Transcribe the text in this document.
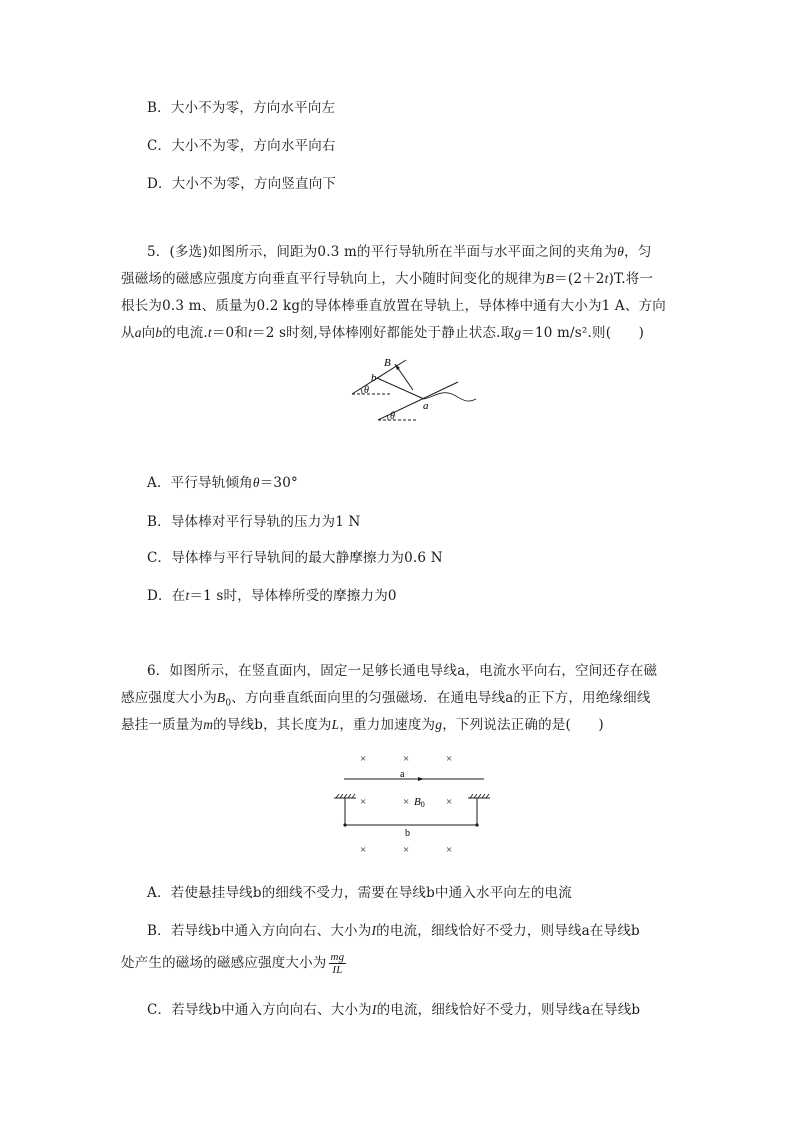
B．大小不为零，方向水平向左
C．大小不为零，方向水平向右
D．大小不为零，方向竖直向下
5．(多选)如图所示，间距为0.3 m的平行导轨所在半面与水平面之间的夹角为θ，匀
强磁场的磁感应强度方向垂直平行导轨向上，大小随时间变化的规律为B＝(2＋2t)T.将一
根长为0.3 m、质量为0.2 kg的导体棒垂直放置在导轨上，导体棒中通有大小为1 A、方向
从a向b的电流.t＝0和t＝2 s时刻,导体棒刚好都能处于静止状态.取g＝10 m/s².则(　　)
B
b
a
θ
θ
A．平行导轨倾角θ＝30°
B．导体棒对平行导轨的压力为1 N
C．导体棒与平行导轨间的最大静摩擦力为0.6 N
D．在t＝1 s时，导体棒所受的摩擦力为0
6．如图所示，在竖直面内，固定一足够长通电导线a，电流水平向右，空间还存在磁
感应强度大小为$B_0$、方向垂直纸面向里的匀强磁场．在通电导线a的正下方，用绝缘细线
悬挂一质量为m的导线b，其长度为L，重力加速度为g，下列说法正确的是(　　)
×	×	×
a
×	×	×
B0
b
×	×	×
A．若使悬挂导线b的细线不受力，需要在导线b中通入水平向左的电流
B．若导线b中通入方向向右、大小为I的电流，细线恰好不受力，则导线a在导线b
处产生的磁场的磁感应强度大小为 $\frac{mg}{IL}$
C．若导线b中通入方向向右、大小为I的电流，细线恰好不受力，则导线a在导线b
